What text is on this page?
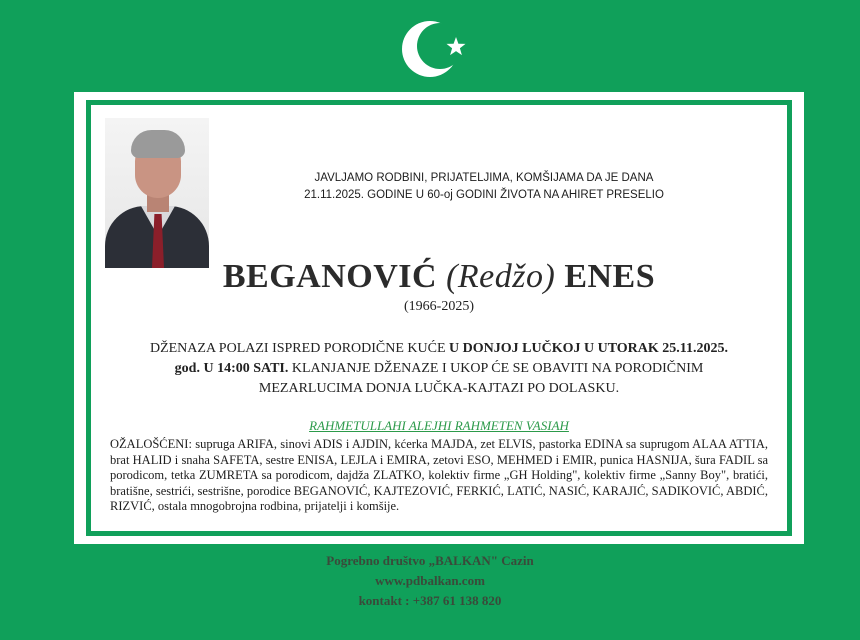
JAVLJAMO RODBINI, PRIJATELJIMA, KOMŠIJAMA DA JE DANA
21.11.2025. GODINE U 60-oj GODINI ŽIVOTA NA AHIRET PRESELIO
BEGANOVIĆ (Redžo) ENES
(1966-2025)
DŽENAZA POLAZI ISPRED PORODIČNE KUĆE U DONJOJ LUČKOJ U UTORAK 25.11.2025. god. U 14:00 SATI. KLANJANJE DŽENAZE I UKOP ĆE SE OBAVITI NA PORODIČNIM MEZARLUCIMA DONJA LUČKA-KAJTAZI PO DOLASKU.
RAHMETULLAHI ALEJHI RAHMETEN VASIAH
OŽALOŠĆENI: supruga ARIFA, sinovi ADIS i AJDIN, kćerka MAJDA, zet ELVIS, pastorka EDINA sa suprugom ALAA ATTIA, brat HALID i snaha SAFETA, sestre ENISA, LEJLA i EMIRA, zetovi ESO, MEHMED i EMIR, punica HASNIJA, šura FADIL sa porodicom, tetka ZUMRETA sa porodicom, dajdža ZLATKO, kolektiv firme „GH Holding", kolektiv firme „Sanny Boy", bratići, bratišne, sestrići, sestrišne, porodice BEGANOVIĆ, KAJTEZOVIĆ, FERKIĆ, LATIĆ, NASIĆ, KARAJIĆ, SADIKOVIĆ, ABDIĆ, RIZVIĆ, ostala mnogobrojna rodbina, prijatelji i komšije.
Pogrebno društvo „BALKAN" Cazin
www.pdbalkan.com
kontakt : +387 61 138 820
